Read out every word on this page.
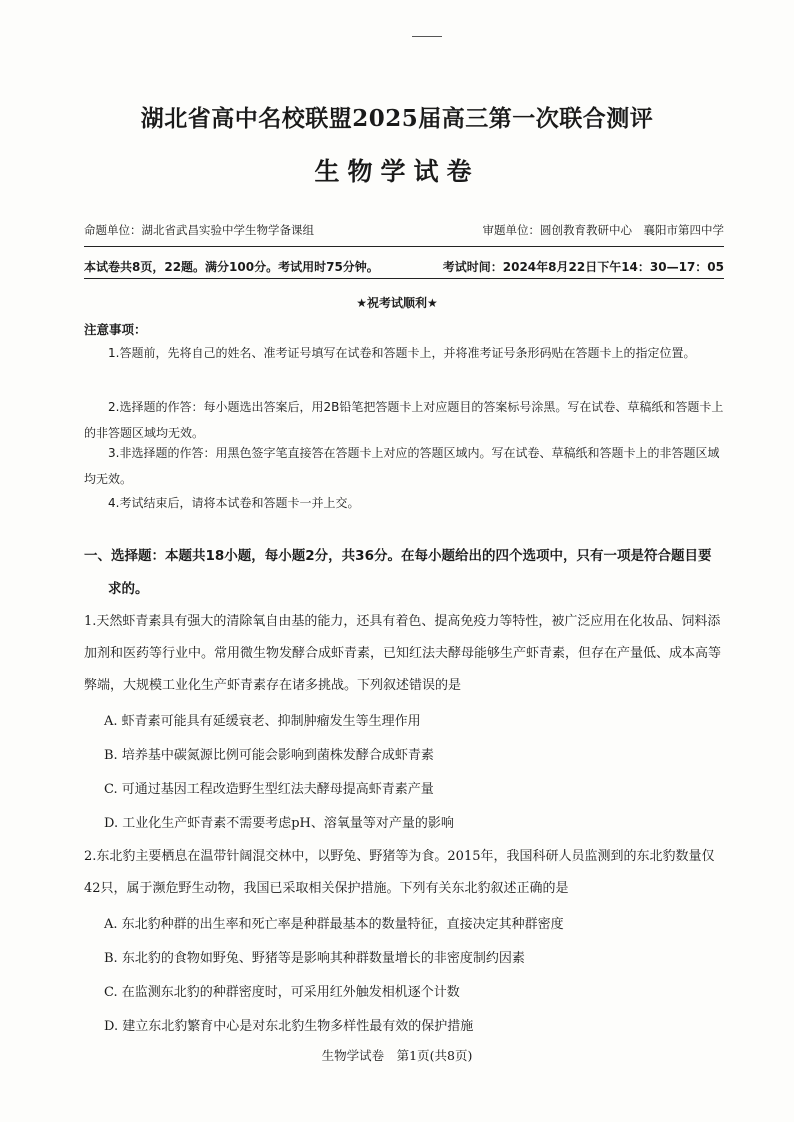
湖北省高中名校联盟2025届高三第一次联合测评
生物学试卷
命题单位：湖北省武昌实验中学生物学备课组	审题单位：圆创教育教研中心　襄阳市第四中学
本试卷共8页，22题。满分100分。考试用时75分钟。	考试时间：2024年8月22日下午14：30—17：05
★祝考试顺利★
注意事项：
1.答题前，先将自己的姓名、准考证号填写在试卷和答题卡上，并将准考证号条形码贴在答题卡上的指定位置。
2.选择题的作答：每小题选出答案后，用2B铅笔把答题卡上对应题目的答案标号涂黑。写在试卷、草稿纸和答题卡上的非答题区域均无效。
3.非选择题的作答：用黑色签字笔直接答在答题卡上对应的答题区域内。写在试卷、草稿纸和答题卡上的非答题区域均无效。
4.考试结束后，请将本试卷和答题卡一并上交。
一、选择题：本题共18小题，每小题2分，共36分。在每小题给出的四个选项中，只有一项是符合题目要
求的。
1.天然虾青素具有强大的清除氧自由基的能力，还具有着色、提高免疫力等特性，被广泛应用在化妆品、饲料添加剂和医药等行业中。常用微生物发酵合成虾青素，已知红法夫酵母能够生产虾青素，但存在产量低、成本高等弊端，大规模工业化生产虾青素存在诸多挑战。下列叙述错误的是
A. 虾青素可能具有延缓衰老、抑制肿瘤发生等生理作用
B. 培养基中碳氮源比例可能会影响到菌株发酵合成虾青素
C. 可通过基因工程改造野生型红法夫酵母提高虾青素产量
D. 工业化生产虾青素不需要考虑pH、溶氧量等对产量的影响
2.东北豹主要栖息在温带针阔混交林中，以野兔、野猪等为食。2015年，我国科研人员监测到的东北豹数量仅42只，属于濒危野生动物，我国已采取相关保护措施。下列有关东北豹叙述正确的是
A. 东北豹种群的出生率和死亡率是种群最基本的数量特征，直接决定其种群密度
B. 东北豹的食物如野兔、野猪等是影响其种群数量增长的非密度制约因素
C. 在监测东北豹的种群密度时，可采用红外触发相机逐个计数
D. 建立东北豹繁育中心是对东北豹生物多样性最有效的保护措施
生物学试卷　第1页(共8页)
